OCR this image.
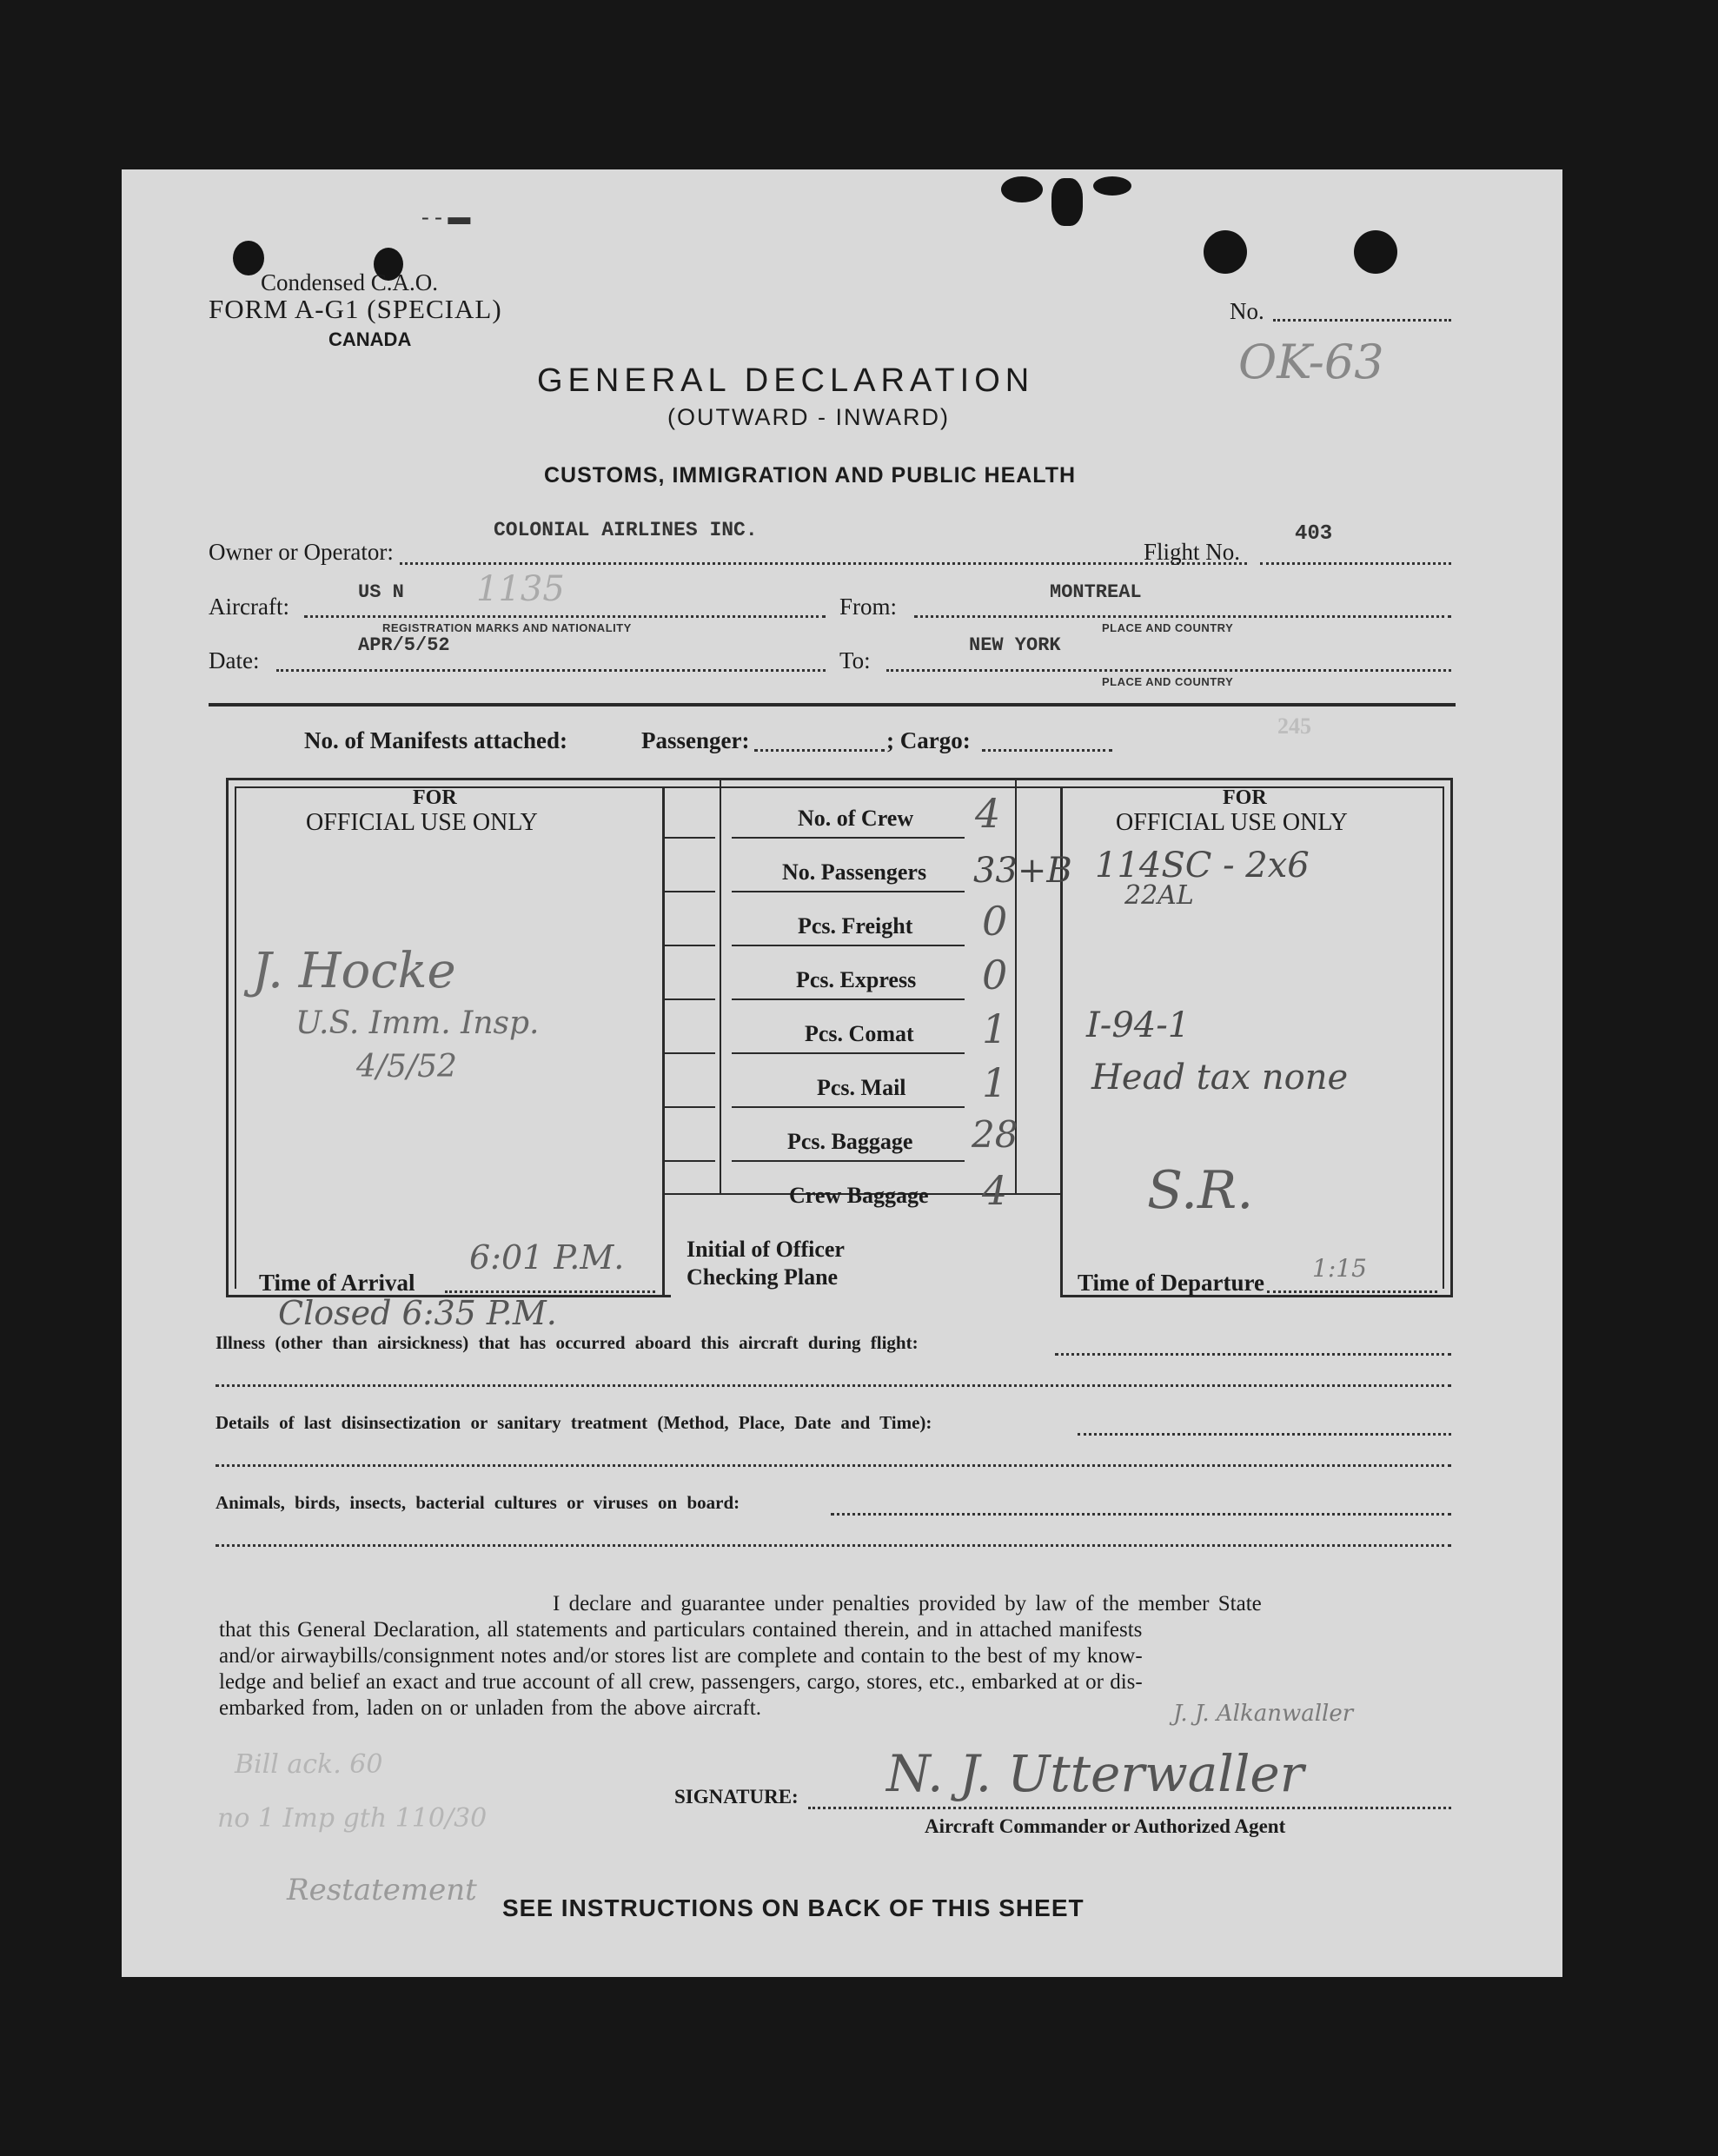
- - ▬
Condensed C.A.O.
FORM A-G1 (SPECIAL)
CANADA
No.
OK-63
GENERAL DECLARATION
(OUTWARD - INWARD)
CUSTOMS, IMMIGRATION AND PUBLIC HEALTH
Owner or Operator:
COLONIAL AIRLINES INC.
Flight No.
403
Aircraft:
US N 1135
REGISTRATION MARKS AND NATIONALITY
From:
MONTREAL
PLACE AND COUNTRY
Date:
APR/5/52
To:
NEW YORK
PLACE AND COUNTRY
No. of Manifests attached:	Passenger:	; Cargo:
245
FOR
OFFICIAL USE ONLY
J. Hocke
U.S. Imm. Insp.
4/5/52
Time of Arrival
6:01 P.M.
No. of Crew 4
No. Passengers 33+B
Pcs. Freight 0
Pcs. Express 0
Pcs. Comat 1
Pcs. Mail 1
Pcs. Baggage 28
Crew Baggage 4
Initial of Officer
Checking Plane
FOR
OFFICIAL USE ONLY
114SC - 2x6
22AL
I-94-1
Head tax none
S.R.
Time of Departure 1:15
Closed 6:35 P.M.
Illness (other than airsickness) that has occurred aboard this aircraft during flight:
Details of last disinsectization or sanitary treatment (Method, Place, Date and Time):
Animals, birds, insects, bacterial cultures or viruses on board:
I declare and guarantee under penalties provided by law of the member State
that this General Declaration, all statements and particulars contained therein, and in attached manifests
and/or airwaybills/consignment notes and/or stores list are complete and contain to the best of my know-
ledge and belief an exact and true account of all crew, passengers, cargo, stores, etc., embarked at or dis-
embarked from, laden on or unladen from the above aircraft.	J. J. Alkanwaller
SIGNATURE: N. J. Utterwaller
Aircraft Commander or Authorized Agent
Bill ack. 60
no 1 Imp gth 110/30
Restatement
SEE INSTRUCTIONS ON BACK OF THIS SHEET
